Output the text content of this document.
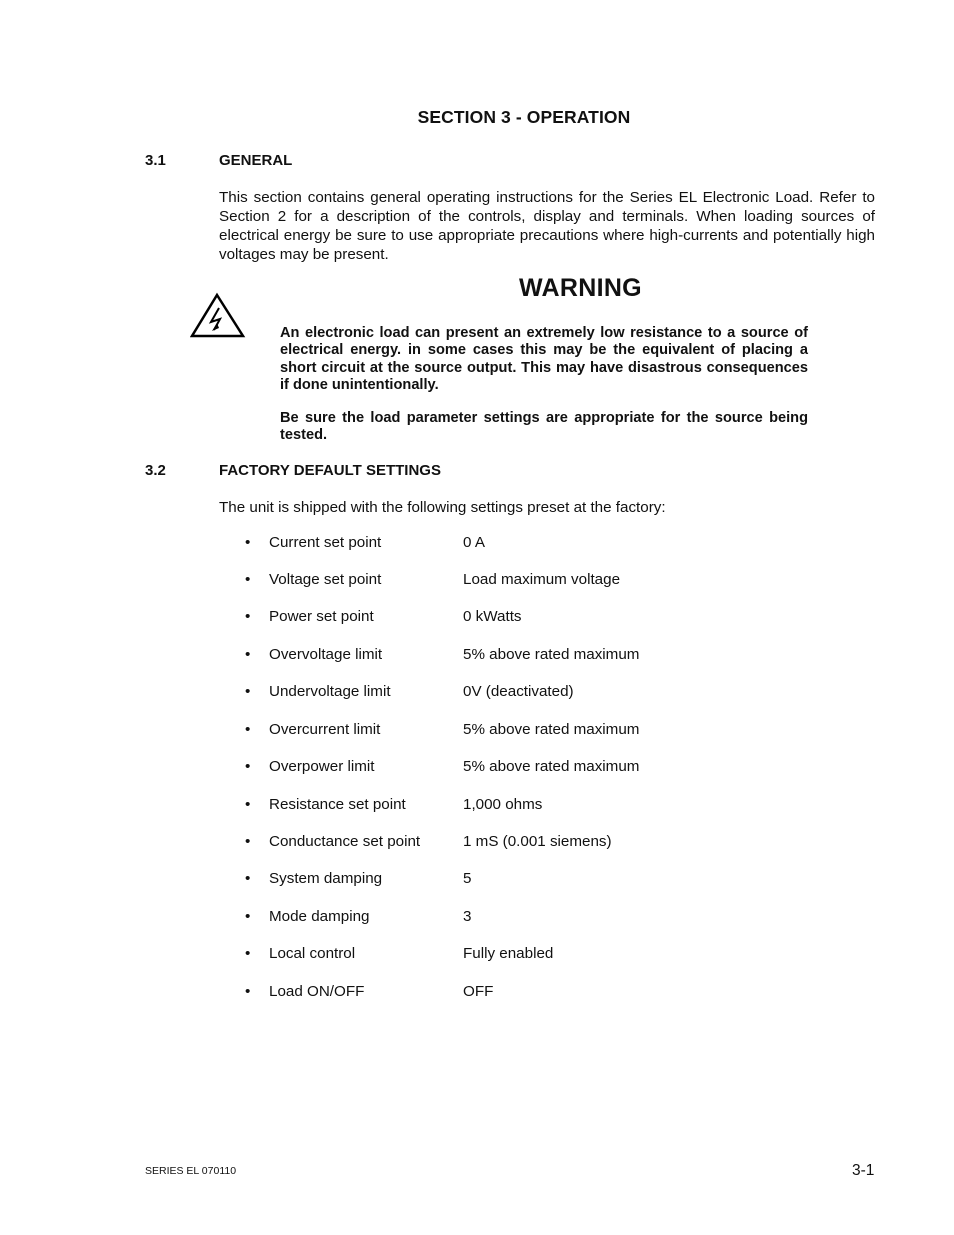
SECTION 3 - OPERATION
3.1	GENERAL
This section contains general operating instructions for the Series EL Electronic Load. Refer to Section 2 for a description of the controls, display and terminals. When loading sources of electrical energy be sure to use appropriate precautions where high-currents and potentially high voltages may be present.
WARNING
An electronic load can present an extremely low resistance to a source of electrical energy. in some cases this may be the equivalent of placing a short circuit at the source output. This may have disastrous consequences if done unintentionally.
Be sure the load parameter settings are appropriate for the source being tested.
3.2	FACTORY DEFAULT SETTINGS
The unit is shipped with the following settings preset at the factory:
• Current set point	0 A
• Voltage set point	Load maximum voltage
• Power set point	0 kWatts
• Overvoltage limit	5% above rated maximum
• Undervoltage limit	0V (deactivated)
• Overcurrent limit	5% above rated maximum
• Overpower limit	5% above rated maximum
• Resistance set point	1,000 ohms
• Conductance set point	1 mS (0.001 siemens)
• System damping	5
• Mode damping	3
• Local control	Fully enabled
• Load ON/OFF	OFF
SERIES EL 070110	3-1
